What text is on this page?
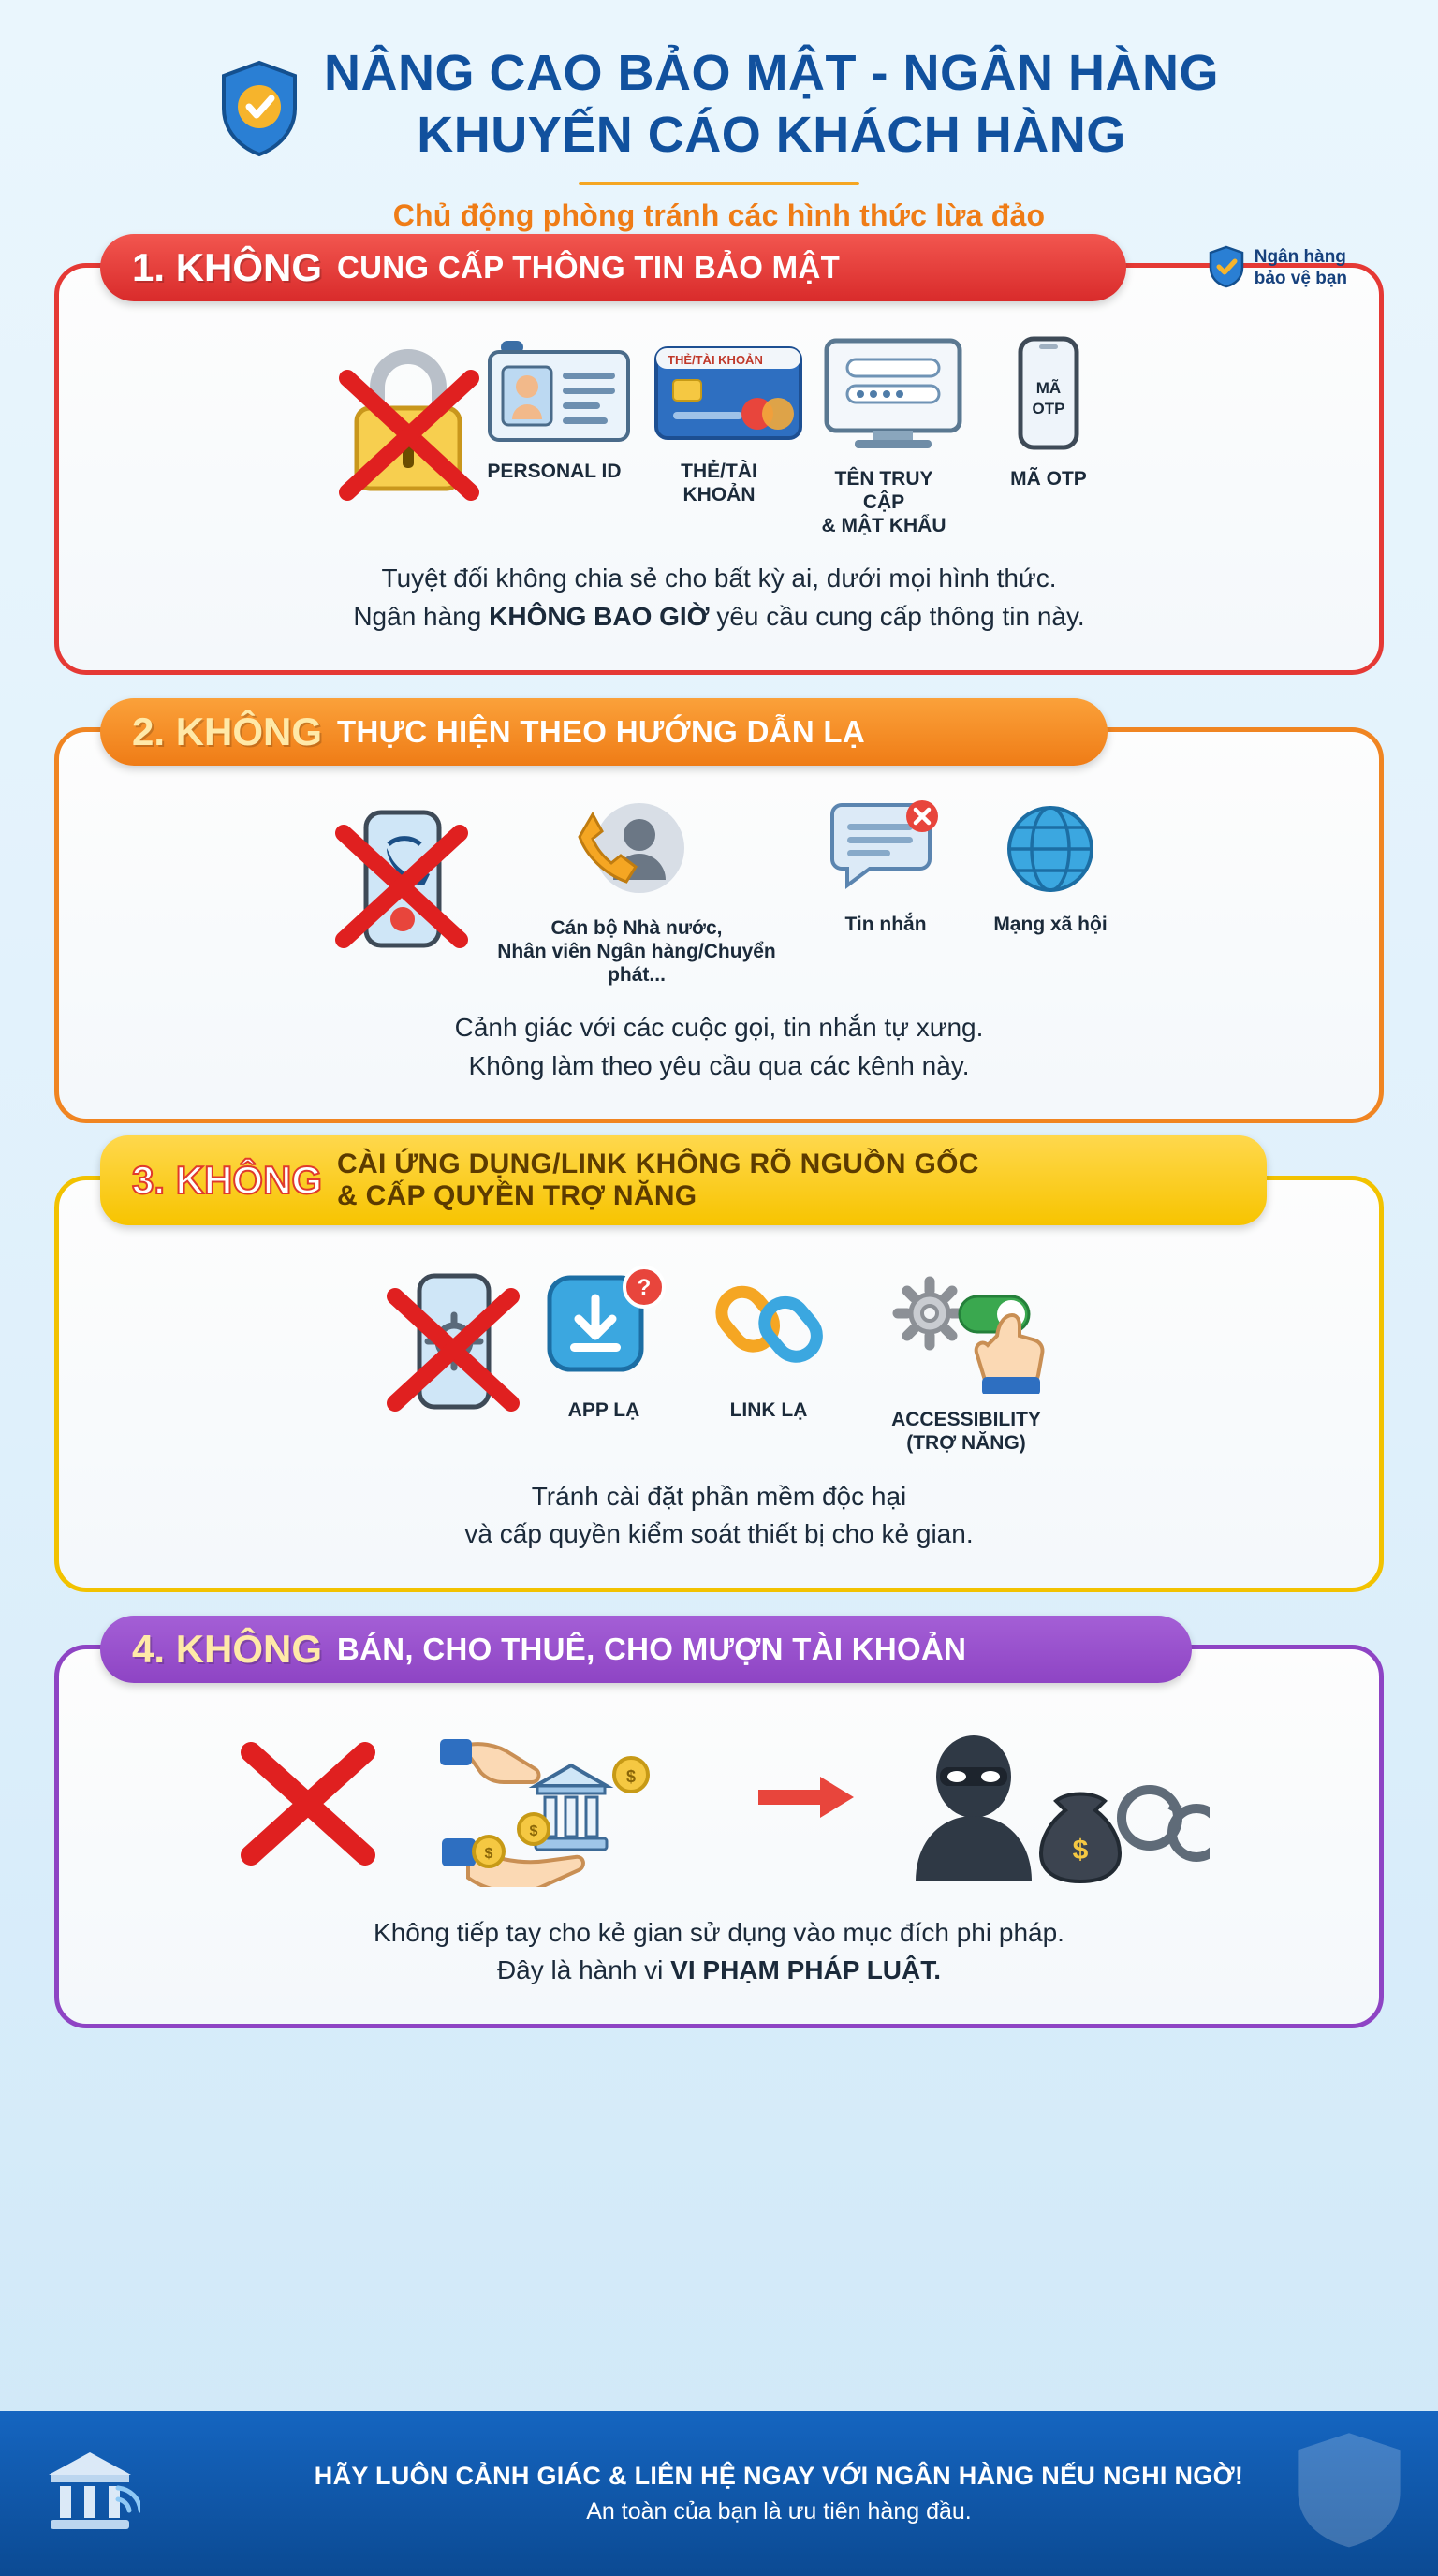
NÂNG CAO BẢO MẬT - NGÂN HÀNG
KHUYẾN CÁO KHÁCH HÀNG
Chủ động phòng tránh các hình thức lừa đảo
1. KHÔNG CUNG CẤP THÔNG TIN BẢO MẬT	Ngân hàng
bảo vệ bạn
PERSONAL ID
THẺ/TÀI KHOẢN
THẺ/TÀI KHOẢN
TÊN TRUY CẬP
& MẬT KHẨU
MÃ
OTP
MÃ OTP
Tuyệt đối không chia sẻ cho bất kỳ ai, dưới mọi hình thức.
Ngân hàng KHÔNG BAO GIỜ yêu cầu cung cấp thông tin này.
2. KHÔNG THỰC HIỆN THEO HƯỚNG DẪN LẠ
Cán bộ Nhà nước,
Nhân viên Ngân hàng/Chuyển phát...
Tin nhắn	Mạng xã hội
Cảnh giác với các cuộc gọi, tin nhắn tự xưng.
Không làm theo yêu cầu qua các kênh này.
3. KHÔNG CÀI ỨNG DỤNG/LINK KHÔNG RÕ NGUỒN GỐC
& CẤP QUYỀN TRỢ NĂNG
?
APP LẠ	LINK LẠ	ACCESSIBILITY
(TRỢ NĂNG)
Tránh cài đặt phần mềm độc hại
và cấp quyền kiểm soát thiết bị cho kẻ gian.
4. KHÔNG BÁN, CHO THUÊ, CHO MƯỢN TÀI KHOẢN
$
$
$	$
Không tiếp tay cho kẻ gian sử dụng vào mục đích phi pháp.
Đây là hành vi VI PHẠM PHÁP LUẬT.
HÃY LUÔN CẢNH GIÁC & LIÊN HỆ NGAY VỚI NGÂN HÀNG NẾU NGHI NGỜ!
An toàn của bạn là ưu tiên hàng đầu.
